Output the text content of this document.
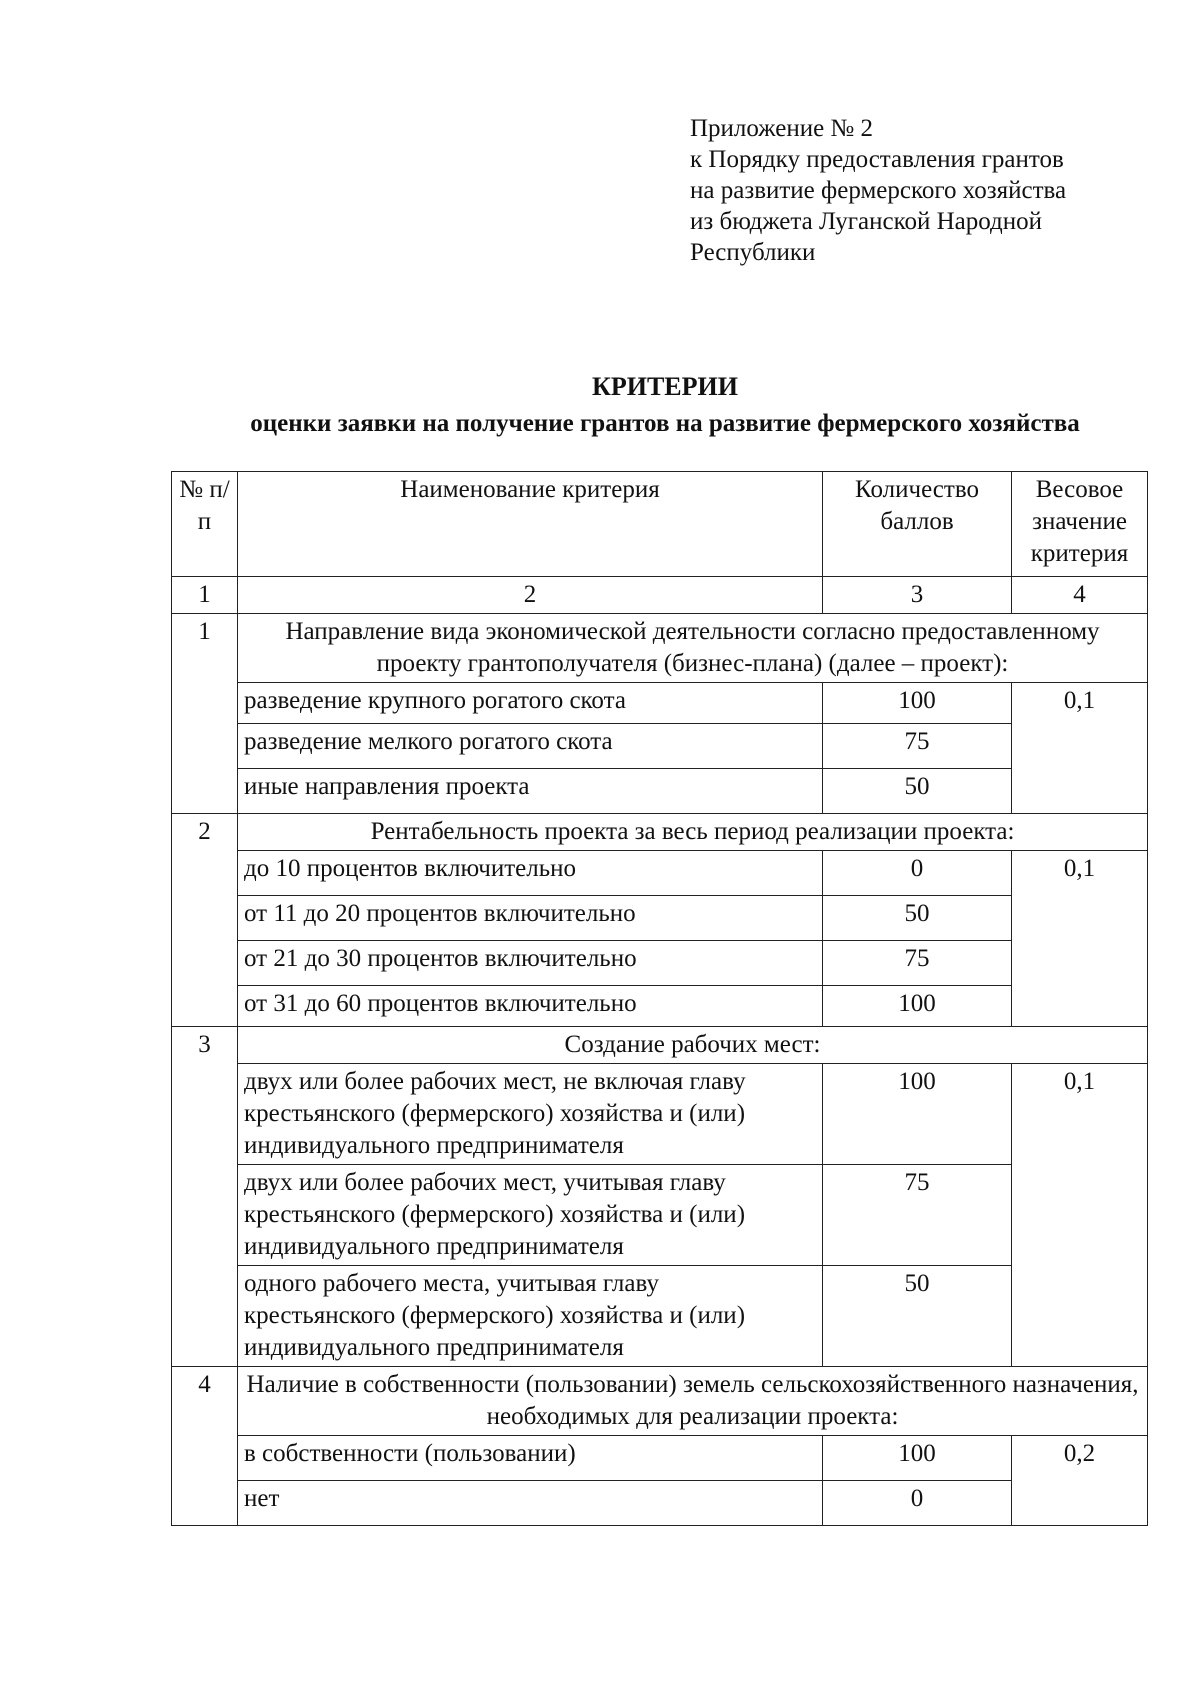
Приложение № 2
к Порядку предоставления грантов
на развитие фермерского хозяйства
из бюджета Луганской Народной
Республики
КРИТЕРИИ
оценки заявки на получение грантов на развитие фермерского хозяйства
№ п/п	Наименование критерия	Количество баллов	Весовое значение критерия
1	2	3	4
1	Направление вида экономической деятельности согласно предоставленному проекту грантополучателя (бизнес-плана) (далее – проект):		
	разведение крупного рогатого скота	100	0,1
	разведение мелкого рогатого скота	75	
	иные направления проекта	50	
2	Рентабельность проекта за весь период реализации проекта:		
	до 10 процентов включительно	0	0,1
	от 11 до 20 процентов включительно	50	
	от 21 до 30 процентов включительно	75	
	от 31 до 60 процентов включительно	100	
3	Создание рабочих мест:		
	двух или более рабочих мест, не включая главу крестьянского (фермерского) хозяйства и (или) индивидуального предпринимателя	100	0,1
	двух или более рабочих мест, учитывая главу крестьянского (фермерского) хозяйства и (или) индивидуального предпринимателя	75	
	одного рабочего места, учитывая главу крестьянского (фермерского) хозяйства и (или) индивидуального предпринимателя	50	
4	Наличие в собственности (пользовании) земель сельскохозяйственного назначения, необходимых для реализации проекта:		
	в собственности (пользовании)	100	0,2
	нет	0	
